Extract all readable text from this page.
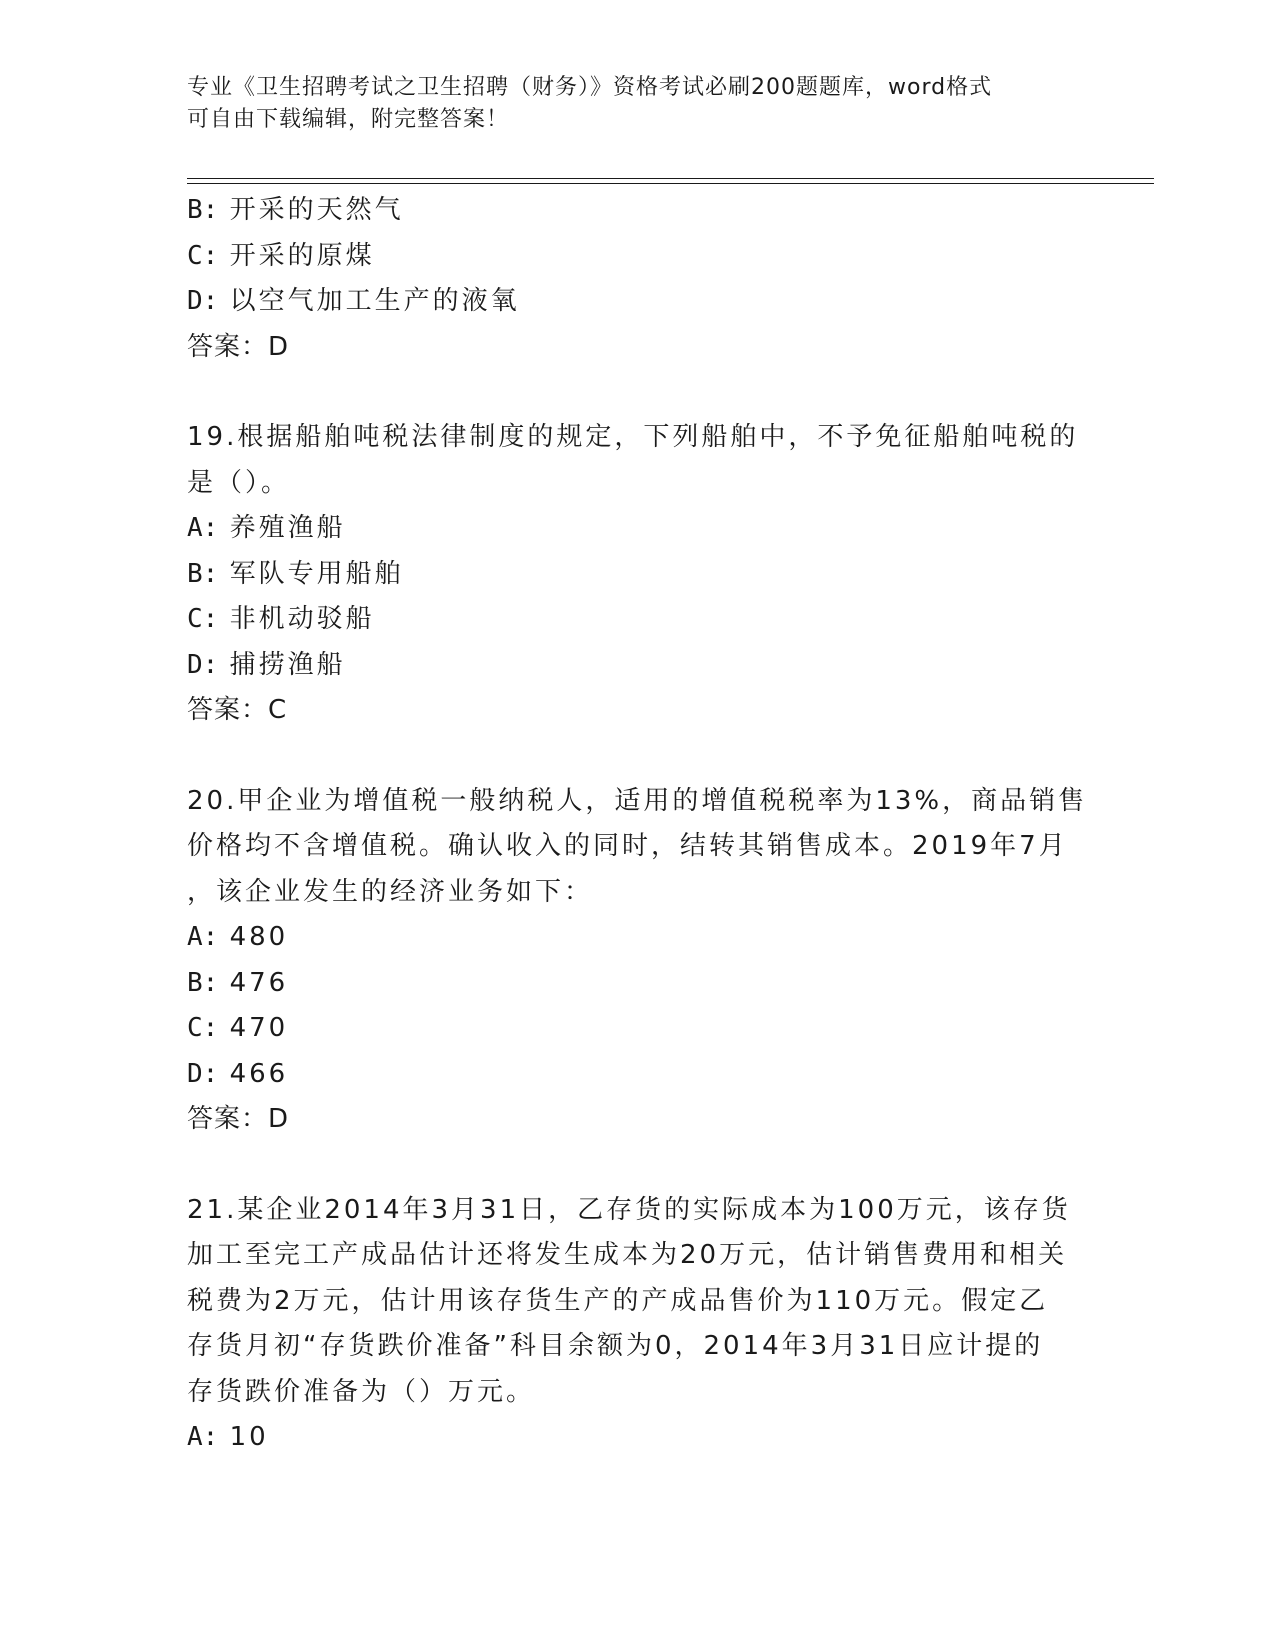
专业《卫生招聘考试之卫生招聘（财务）》资格考试必刷200题题库，word格式
可自由下载编辑，附完整答案！
B: 开采的天然气
C: 开采的原煤
D: 以空气加工生产的液氧
答案：D
19.根据船舶吨税法律制度的规定，下列船舶中，不予免征船舶吨税的
是（）。
A: 养殖渔船
B: 军队专用船舶
C: 非机动驳船
D: 捕捞渔船
答案：C
20.甲企业为增值税一般纳税人，适用的增值税税率为13%，商品销售
价格均不含增值税。确认收入的同时，结转其销售成本。2019年7月
，该企业发生的经济业务如下：
A: 480
B: 476
C: 470
D: 466
答案：D
21.某企业2014年3月31日，乙存货的实际成本为100万元，该存货
加工至完工产成品估计还将发生成本为20万元，估计销售费用和相关
税费为2万元，估计用该存货生产的产成品售价为110万元。假定乙
存货月初“存货跌价准备”科目余额为0，2014年3月31日应计提的
存货跌价准备为（）万元。
A: 10
